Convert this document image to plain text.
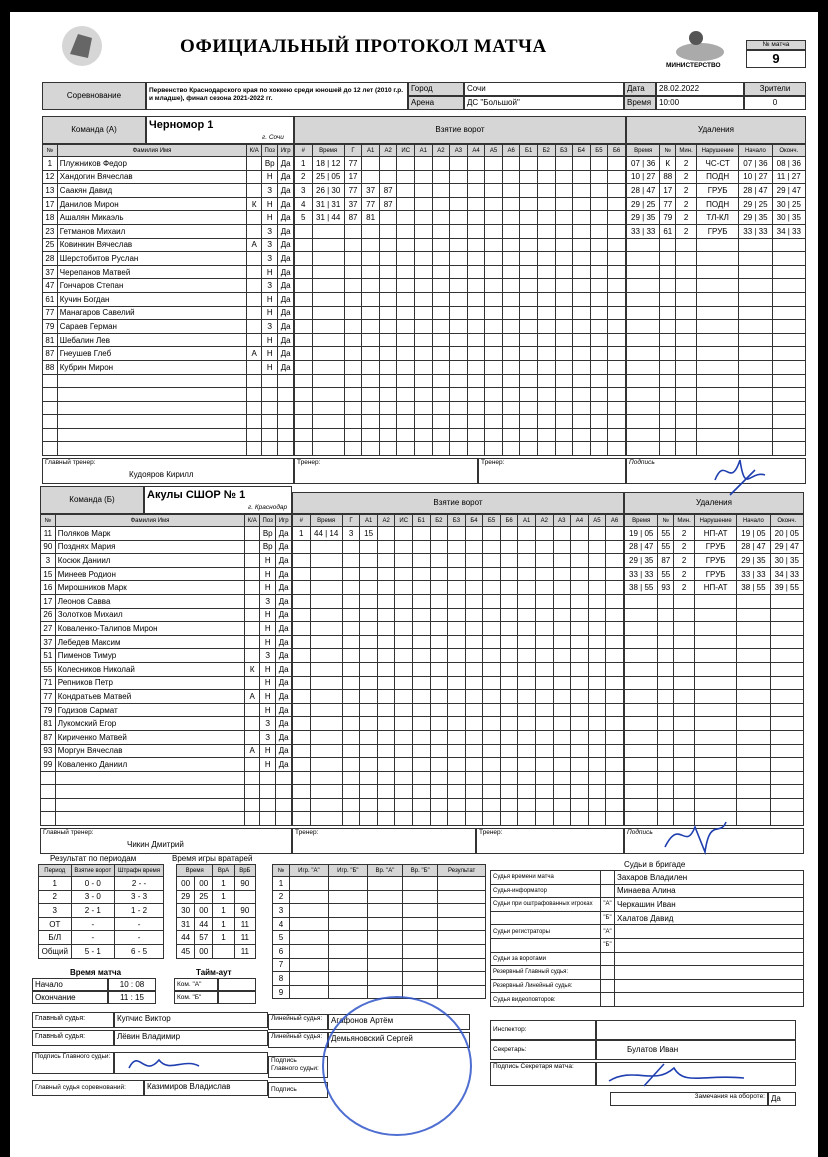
ОФИЦИАЛЬНЫЙ ПРОТОКОЛ МАТЧА
МИНИСТЕРСТВО
№ матча
9
Соревнование
Первенство Краснодарского края по хоккею среди юношей до 12 лет (2010 г.р. и младше), финал сезона 2021-2022 гг.
Город	Сочи
Арена	ДС "Большой"
Дата	28.02.2022
Время 10:00
Зрители
0
Команда (А)	Черномор 1
г. Сочи
Взятие ворот	Удаления
№	Фамилия Имя	К/А	Поз	Игр
1	Плужников Федор		Вр	Да
12	Хандогин Вячеслав		Н	Да
13	Саакян Давид		З	Да
17	Данилов Мирон	К	Н	Да
18	Ашалян Микаэль		Н	Да
23	Гетманов Михаил		З	Да
25	Ковинкин Вячеслав	А	З	Да
28	Шерстобитов Руслан		З	Да
37	Черепанов Матвей		Н	Да
47	Гончаров Степан		З	Да
61	Кучин Богдан		Н	Да
77	Манагаров Савелий		Н	Да
79	Сараев Герман		З	Да
81	Шебалин Лев		Н	Да
87	Гнеушев Глеб	А	Н	Да
88	Кубрин Мирон		Н	Да

#	Время	Г	А1	А2	ИС	А1	А2	А3	А4	А5	А6	Б1	Б2	Б3	Б4	Б5	Б6
1	18 | 12	77															
2	25 | 05	17															
3	26 | 30	77	37	87													
4	31 | 31	37	77	87													
5	31 | 44	87	81														

Время	№	Мин.	Нарушение	Начало	Оконч.
07 | 36	К	2	ЧС-СТ	07 | 36	08 | 36
10 | 27	88	2	ПОДН	10 | 27	11 | 27
28 | 47	17	2	ГРУБ	28 | 47	29 | 47
29 | 25	77	2	ПОДН	29 | 25	30 | 25
29 | 35	79	2	ТЛ-КЛ	29 | 35	30 | 35
33 | 33	61	2	ГРУБ	33 | 33	34 | 33

Главный тренер:
Кудояров Кирилл
Тренер:	Тренер:	Подпись
Команда (Б)	Акулы СШОР № 1
г. Краснодар
Взятие ворот	Удаления
№	Фамилия Имя	К/А	Поз	Игр
11	Поляков Марк		Вр	Да
90	Позднях Мария		Вр	Да
3	Косюк Даниил		Н	Да
15	Минеев Родион		Н	Да
16	Мирошников Марк		Н	Да
17	Леонов Савва		З	Да
26	Золотков Михаил		Н	Да
27	Коваленко-Талипов Мирон		Н	Да
37	Лебедев Максим		Н	Да
51	Пименов Тимур		З	Да
55	Колесников Николай	К	Н	Да
71	Репников Петр		Н	Да
77	Кондратьев Матвей	А	Н	Да
79	Годизов Сармат		Н	Да
81	Лукомский Егор		З	Да
87	Кириченко Матвей		З	Да
93	Моргун Вячеслав	А	Н	Да
99	Коваленко Даниил		Н	Да

#	Время	Г	А1	А2	ИС	Б1	Б2	Б3	Б4	Б5	Б6	А1	А2	А3	А4	А5	А6
1	44 | 14	3	15														

Время	№	Мин.	Нарушение	Начало	Оконч.
19 | 05	55	2	НП-АТ	19 | 05	20 | 05
28 | 47	55	2	ГРУБ	28 | 47	29 | 47
29 | 35	87	2	ГРУБ	29 | 35	30 | 35
33 | 33	55	2	ГРУБ	33 | 33	34 | 33
38 | 55	93	2	НП-АТ	38 | 55	39 | 55

Главный тренер:
Чикин Дмитрий
Тренер:	Тренер:	Подпись
Результат по периодам
Период	Взятие ворот	Штрафн время
1	0 - 0	2 - -
2	3 - 0	3 - 3
3	2 - 1	1 - 2
ОТ	-	-
Б/Л	-	-
Общий	5 - 1	6 - 5
Время игры вратарей
Время		ВрА	ВрБ
00	00	1	90
29	25	1	
30	00	1	90
31	44	1	11
44	57	1	11
45	00		11
№	Игр. "А"	Игр. "Б"	Вр. "А"	Вр. "Б"	Результат
1					
2					
3					
4					
5					
6					
7					
8					
9					
Время матча
Начало	10 : 08
Окончание	11 : 15
Тайм-аут
Ком. "А"
Ком. "Б"
Судьи в бригаде
Судья времени матча		Захаров Владилен
Судья-информатор		Минаева Алина
Судьи при оштрафованных игроках	"А"	Черкашин Иван
	"Б"	Халатов Давид
Судьи регистраторы	"А"	
	"Б"	
Судьи за воротами		
Резервный Главный судья:		
Резервный Линейный судья:		
Судья видеоповторов:		
Главный судья:	Купчис Виктор
Главный судья:	Лёвин Владимир
Линейный судья:	Агафонов Артём
Линейный судья:	Демьяновский Сергей
Подпись Главного судьи:
Подпись Главного судьи:
Главный судья соревнований:	Казимиров Владислав	Подпись
Инспектор:
Секретарь:	Булатов Иван
Подпись Секретаря матча:
Замечания на обороте: Да
